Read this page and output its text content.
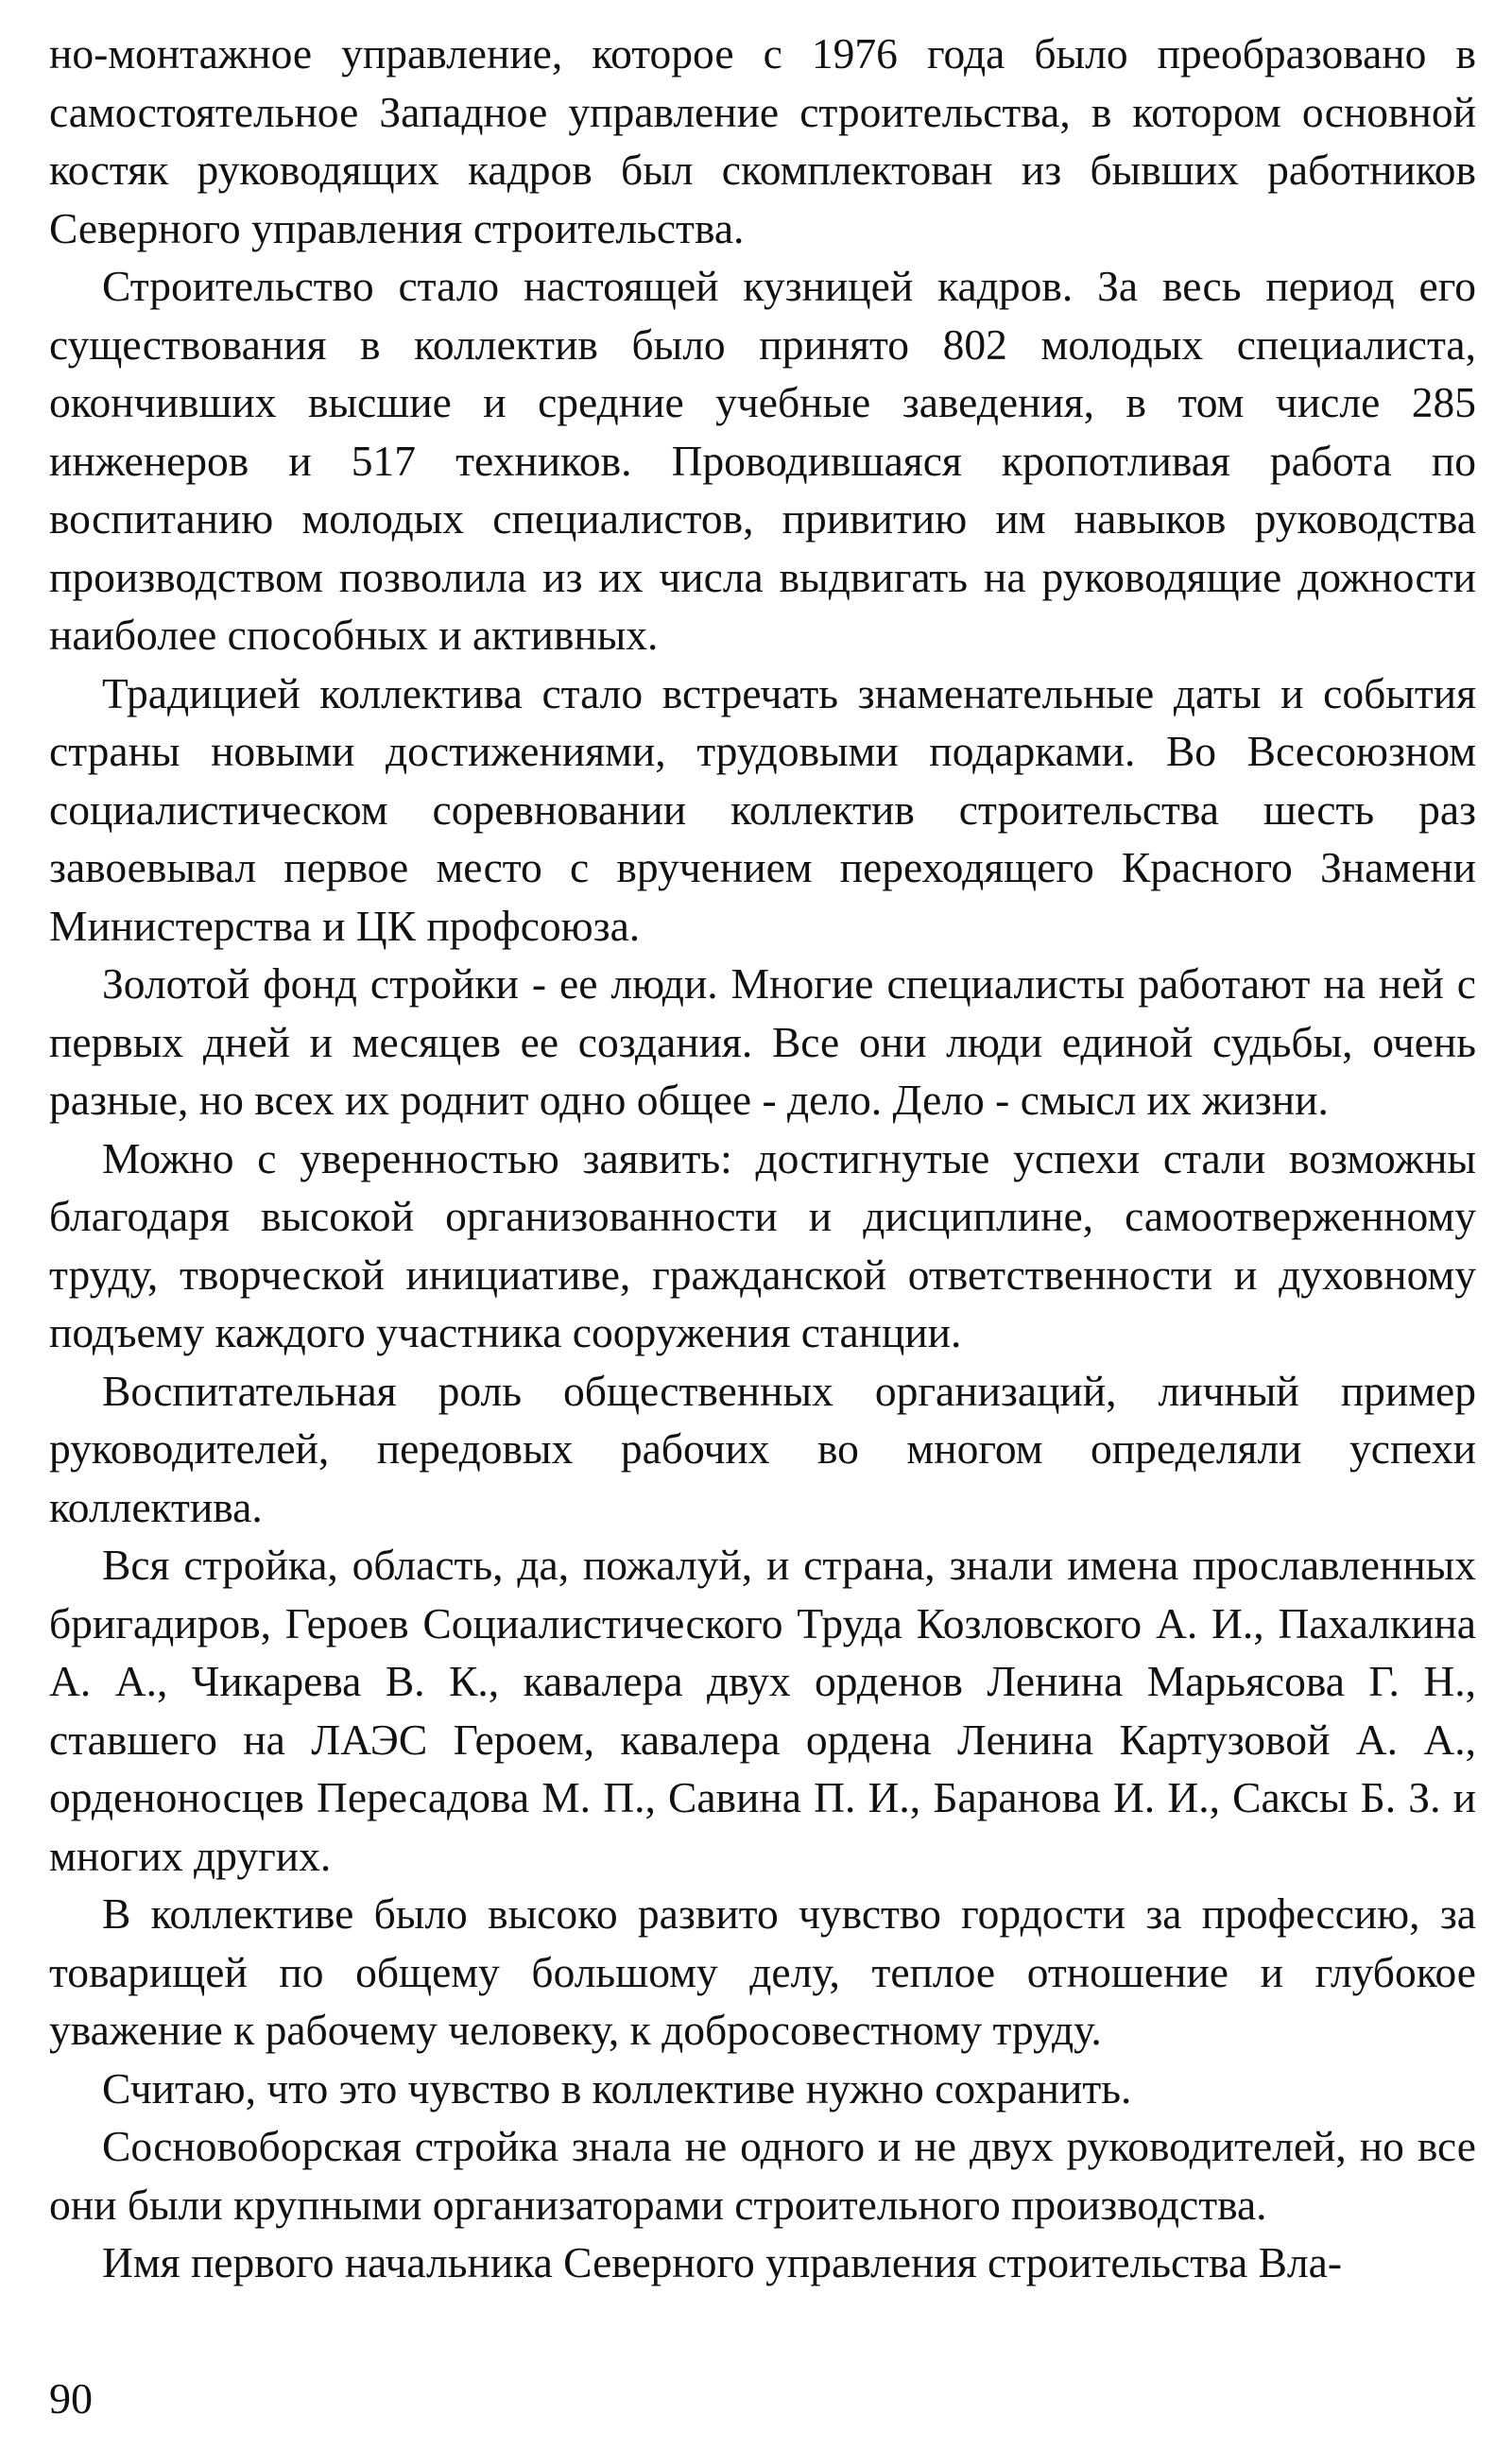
но-монтажное управление, которое с 1976 года было преобразовано в самостоятельное Западное управление строительства, в котором основной костяк руководящих кадров был скомплектован из бывших работников Северного управления строительства.

Строительство стало настоящей кузницей кадров. За весь период его существования в коллектив было принято 802 молодых специалиста, окончивших высшие и средние учебные заведения, в том числе 285 инженеров и 517 техников. Проводившаяся кропотливая работа по воспитанию молодых специалистов, привитию им навыков руководства производством позволила из их числа выдвигать на руководящие дожности наиболее способных и активных.

Традицией коллектива стало встречать знаменательные даты и события страны новыми достижениями, трудовыми подарками. Во Всесоюзном социалистическом соревновании коллектив строительства шесть раз завоевывал первое место с вручением переходящего Красного Знамени Министерства и ЦК профсоюза.

Золотой фонд стройки - ее люди. Многие специалисты работают на ней с первых дней и месяцев ее создания. Все они люди единой судьбы, очень разные, но всех их роднит одно общее - дело. Дело - смысл их жизни.

Можно с уверенностью заявить: достигнутые успехи стали возможны благодаря высокой организованности и дисциплине, самоотверженному труду, творческой инициативе, гражданской ответственности и духовному подъему каждого участника сооружения станции.

Воспитательная роль общественных организаций, личный пример руководителей, передовых рабочих во многом определяли успехи коллектива.

Вся стройка, область, да, пожалуй, и страна, знали имена прославленных бригадиров, Героев Социалистического Труда Козловского А. И., Пахалкина А. А., Чикарева В. К., кавалера двух орденов Ленина Марьясова Г. Н., ставшего на ЛАЭС Героем, кавалера ордена Ленина Картузовой А. А., орденоносцев Пересадова М. П., Савина П. И., Баранова И. И., Саксы Б. З. и многих других.

В коллективе было высоко развито чувство гордости за профессию, за товарищей по общему большому делу, теплое отношение и глубокое уважение к рабочему человеку, к добросовестному труду.

Считаю, что это чувство в коллективе нужно сохранить.

Сосновоборская стройка знала не одного и не двух руководителей, но все они были крупными организаторами строительного производства.

Имя первого начальника Северного управления строительства Вла-

90
